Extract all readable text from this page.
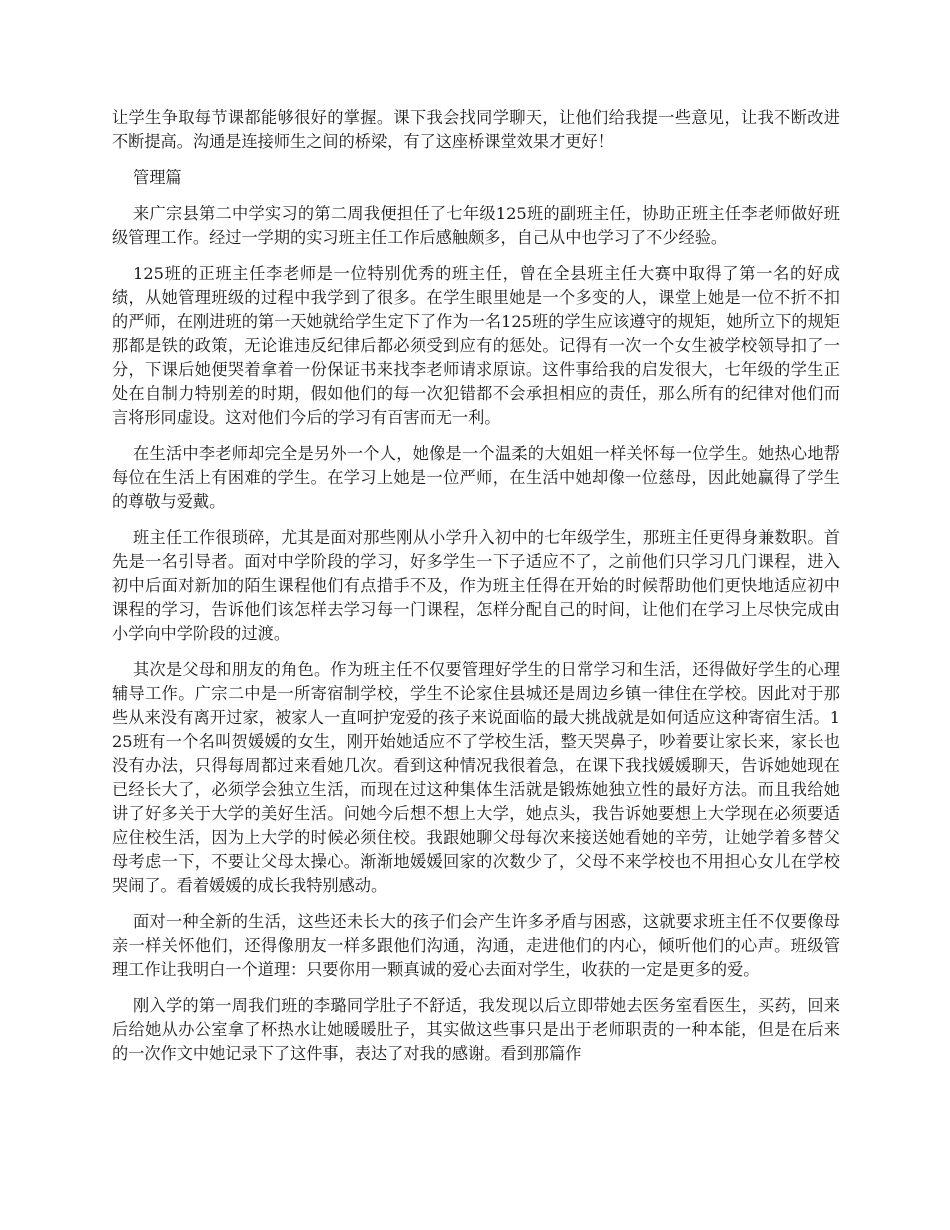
让学生争取每节课都能够很好的掌握。课下我会找同学聊天，让他们给我提一些意见，让我不断改进不断提高。沟通是连接师生之间的桥梁，有了这座桥课堂效果才更好！

管理篇

来广宗县第二中学实习的第二周我便担任了七年级125班的副班主任，协助正班主任李老师做好班级管理工作。经过一学期的实习班主任工作后感触颇多，自己从中也学习了不少经验。

125班的正班主任李老师是一位特别优秀的班主任，曾在全县班主任大赛中取得了第一名的好成绩，从她管理班级的过程中我学到了很多。在学生眼里她是一个多变的人，课堂上她是一位不折不扣的严师，在刚进班的第一天她就给学生定下了作为一名125班的学生应该遵守的规矩，她所立下的规矩那都是铁的政策，无论谁违反纪律后都必须受到应有的惩处。记得有一次一个女生被学校领导扣了一分，下课后她便哭着拿着一份保证书来找李老师请求原谅。这件事给我的启发很大，七年级的学生正处在自制力特别差的时期，假如他们的每一次犯错都不会承担相应的责任，那么所有的纪律对他们而言将形同虚设。这对他们今后的学习有百害而无一利。

在生活中李老师却完全是另外一个人，她像是一个温柔的大姐姐一样关怀每一位学生。她热心地帮每位在生活上有困难的学生。在学习上她是一位严师，在生活中她却像一位慈母，因此她赢得了学生的尊敬与爱戴。

班主任工作很琐碎，尤其是面对那些刚从小学升入初中的七年级学生，那班主任更得身兼数职。首先是一名引导者。面对中学阶段的学习，好多学生一下子适应不了，之前他们只学习几门课程，进入初中后面对新加的陌生课程他们有点措手不及，作为班主任得在开始的时候帮助他们更快地适应初中课程的学习，告诉他们该怎样去学习每一门课程，怎样分配自己的时间，让他们在学习上尽快完成由小学向中学阶段的过渡。

其次是父母和朋友的角色。作为班主任不仅要管理好学生的日常学习和生活，还得做好学生的心理辅导工作。广宗二中是一所寄宿制学校，学生不论家住县城还是周边乡镇一律住在学校。因此对于那些从来没有离开过家，被家人一直呵护宠爱的孩子来说面临的最大挑战就是如何适应这种寄宿生活。125班有一个名叫贺媛媛的女生，刚开始她适应不了学校生活，整天哭鼻子，吵着要让家长来，家长也没有办法，只得每周都过来看她几次。看到这种情况我很着急，在课下我找媛媛聊天，告诉她她现在已经长大了，必须学会独立生活，而现在过这种集体生活就是锻炼她独立性的最好方法。而且我给她讲了好多关于大学的美好生活。问她今后想不想上大学，她点头，我告诉她要想上大学现在必须要适应住校生活，因为上大学的时候必须住校。我跟她聊父母每次来接送她看她的辛劳，让她学着多替父母考虑一下，不要让父母太操心。渐渐地媛媛回家的次数少了，父母不来学校也不用担心女儿在学校哭闹了。看着媛媛的成长我特别感动。

面对一种全新的生活，这些还未长大的孩子们会产生许多矛盾与困惑，这就要求班主任不仅要像母亲一样关怀他们，还得像朋友一样多跟他们沟通，沟通，走进他们的内心，倾听他们的心声。班级管理工作让我明白一个道理：只要你用一颗真诚的爱心去面对学生，收获的一定是更多的爱。

刚入学的第一周我们班的李璐同学肚子不舒适，我发现以后立即带她去医务室看医生，买药，回来后给她从办公室拿了杯热水让她暖暖肚子，其实做这些事只是出于老师职责的一种本能，但是在后来的一次作文中她记录下了这件事，表达了对我的感谢。看到那篇作
